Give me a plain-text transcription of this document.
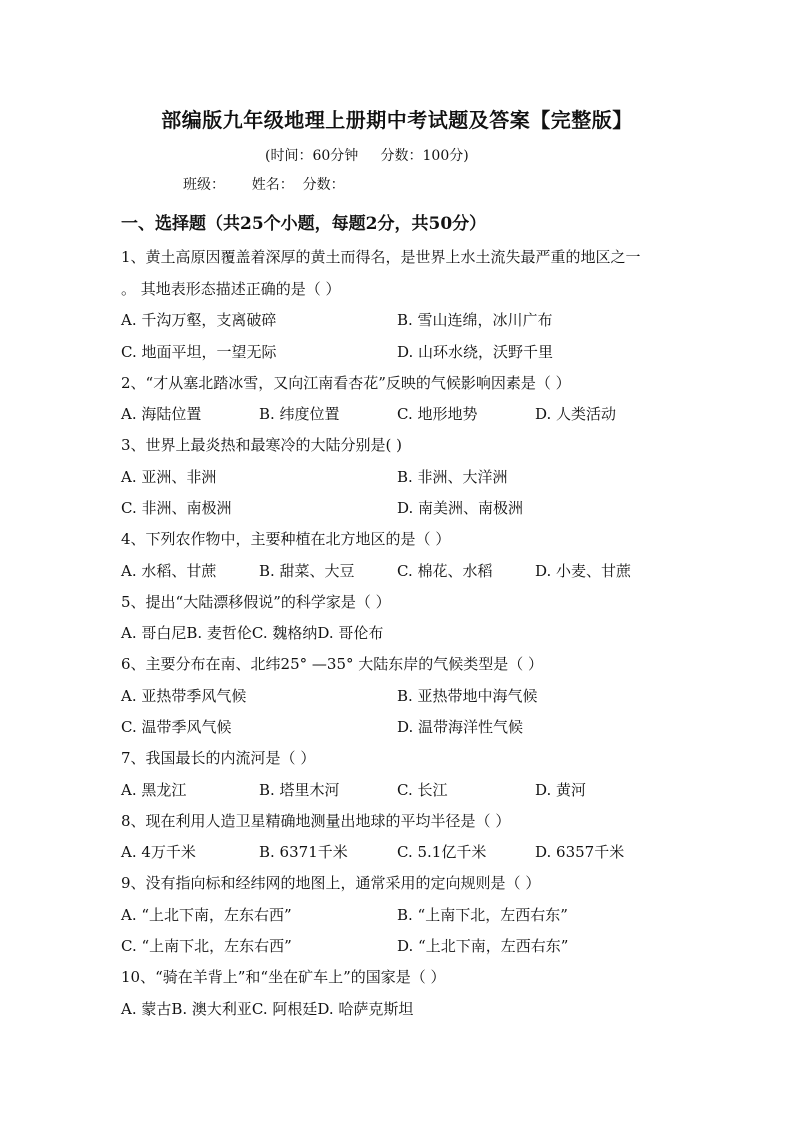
部编版九年级地理上册期中考试题及答案【完整版】
(时间：60分钟     分数：100分)
班级： 姓名： 分数：
一、选择题（共25个小题，每题2分，共50分）
1、黄土高原因覆盖着深厚的黄土而得名，是世界上水土流失最严重的地区之一
。 其地表形态描述正确的是（ ）
A. 千沟万壑，支离破碎	B. 雪山连绵，冰川广布
C. 地面平坦，一望无际	D. 山环水绕，沃野千里
2、“才从塞北踏冰雪，又向江南看杏花”反映的气候影响因素是（ ）
A. 海陆位置	B. 纬度位置	C. 地形地势	D. 人类活动
3、世界上最炎热和最寒冷的大陆分别是( )
A. 亚洲、非洲	B. 非洲、大洋洲
C. 非洲、南极洲	D. 南美洲、南极洲
4、下列农作物中，主要种植在北方地区的是（ ）
A. 水稻、甘蔗	B. 甜菜、大豆	C. 棉花、水稻	D. 小麦、甘蔗
5、提出“大陆漂移假说”的科学家是（ ）
A. 哥白尼B. 麦哲伦C. 魏格纳D. 哥伦布
6、主要分布在南、北纬25° —35° 大陆东岸的气候类型是（ ）
A. 亚热带季风气候	B. 亚热带地中海气候
C. 温带季风气候	D. 温带海洋性气候
7、我国最长的内流河是（ ）
A. 黑龙江	B. 塔里木河	C. 长江	D. 黄河
8、现在利用人造卫星精确地测量出地球的平均半径是（ ）
A. 4万千米	B. 6371千米	C. 5.1亿千米	D. 6357千米
9、没有指向标和经纬网的地图上，通常采用的定向规则是（ ）
A. “上北下南，左东右西”	B. “上南下北，左西右东”
C. “上南下北，左东右西”	D. “上北下南，左西右东”
10、“骑在羊背上”和“坐在矿车上”的国家是（ ）
A. 蒙古B. 澳大利亚C. 阿根廷D. 哈萨克斯坦
